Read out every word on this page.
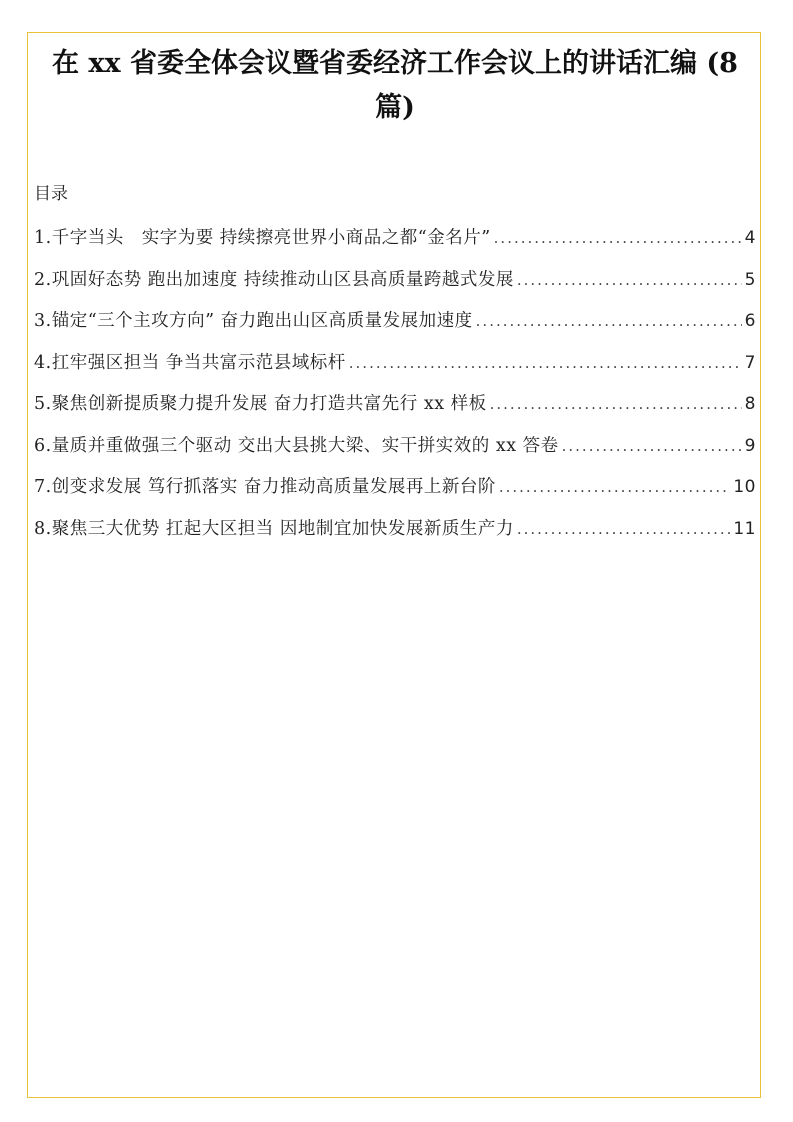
在 xx 省委全体会议暨省委经济工作会议上的讲话汇编 (8 篇)
目录
1.千字当头　实字为要 持续擦亮世界小商品之都“金名片” .....	4
2.巩固好态势 跑出加速度 持续推动山区县高质量跨越式发展 .....	5
3.锚定“三个主攻方向” 奋力跑出山区高质量发展加速度 .....	6
4.扛牢强区担当 争当共富示范县域标杆 .....	7
5.聚焦创新提质聚力提升发展 奋力打造共富先行 xx 样板 .....	8
6.量质并重做强三个驱动 交出大县挑大梁、实干拼实效的 xx 答卷 .....	9
7.创变求发展 笃行抓落实 奋力推动高质量发展再上新台阶 .....	10
8.聚焦三大优势 扛起大区担当 因地制宜加快发展新质生产力 .....	11
